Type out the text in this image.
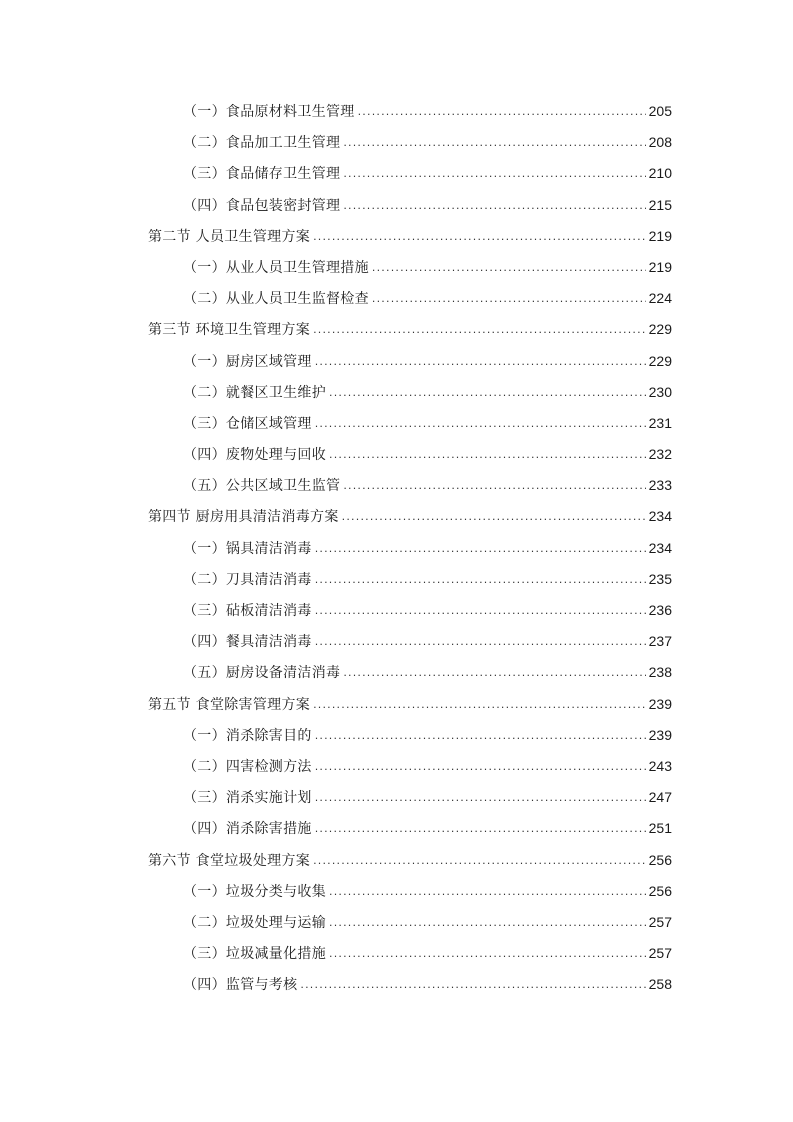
（一）食品原材料卫生管理 .....	205
（二）食品加工卫生管理 .....	208
（三）食品储存卫生管理 .....	210
（四）食品包装密封管理 .....	215
第二节 人员卫生管理方案 .....	219
（一）从业人员卫生管理措施 .....	219
（二）从业人员卫生监督检查 .....	224
第三节 环境卫生管理方案 .....	229
（一）厨房区域管理 .....	229
（二）就餐区卫生维护 .....	230
（三）仓储区域管理 .....	231
（四）废物处理与回收 .....	232
（五）公共区域卫生监管 .....	233
第四节 厨房用具清洁消毒方案 .....	234
（一）锅具清洁消毒 .....	234
（二）刀具清洁消毒 .....	235
（三）砧板清洁消毒 .....	236
（四）餐具清洁消毒 .....	237
（五）厨房设备清洁消毒 .....	238
第五节 食堂除害管理方案 .....	239
（一）消杀除害目的 .....	239
（二）四害检测方法 .....	243
（三）消杀实施计划 .....	247
（四）消杀除害措施 .....	251
第六节 食堂垃圾处理方案 .....	256
（一）垃圾分类与收集 .....	256
（二）垃圾处理与运输 .....	257
（三）垃圾减量化措施 .....	257
（四）监管与考核 .....	258
